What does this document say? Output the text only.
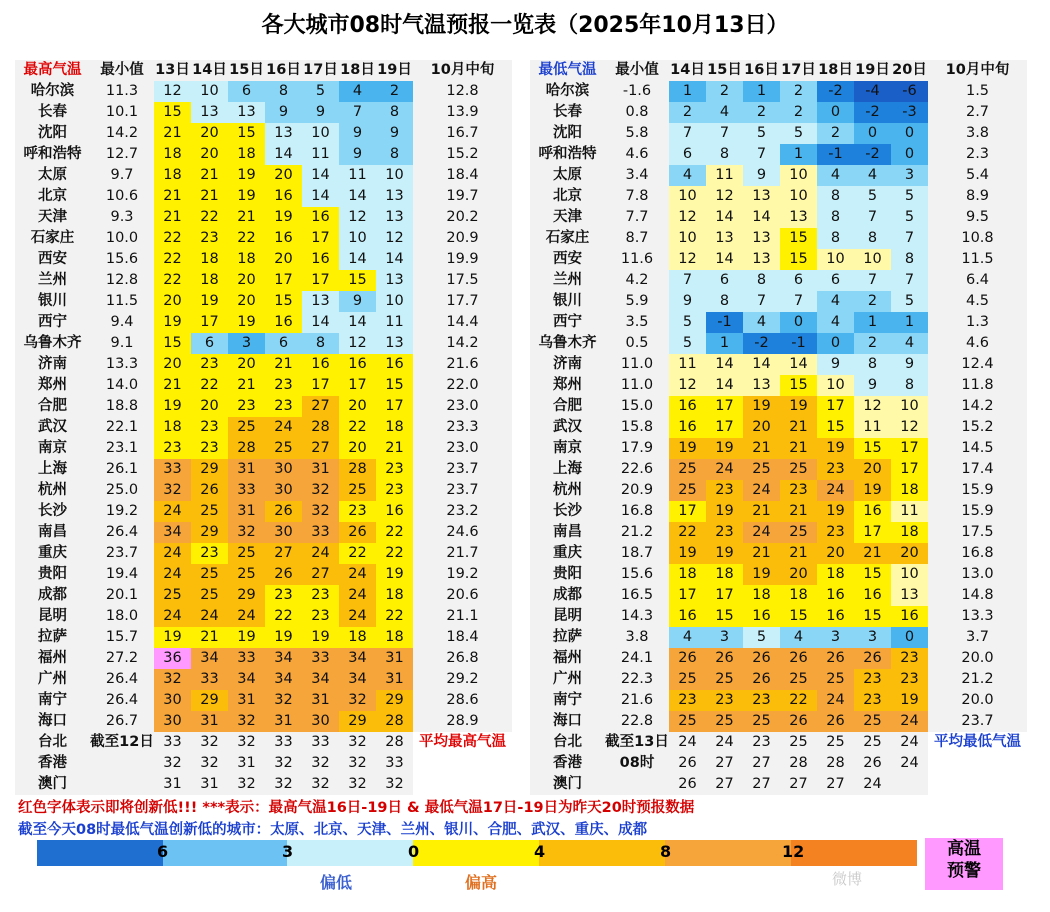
各大城市08时气温预报一览表（2025年10月13日）
最高气温	最小值	13日	14日	15日	16日	17日	18日	19日	10月中旬
哈尔滨	11.3	12	10	6	8	5	4	2	12.8
长春	10.1	15	13	13	9	9	7	8	13.9
沈阳	14.2	21	20	15	13	10	9	9	16.7
呼和浩特	12.7	18	20	18	14	11	9	8	15.2
太原	9.7	18	21	19	20	14	11	10	18.4
北京	10.6	21	21	19	16	14	14	13	19.7
天津	9.3	21	22	21	19	16	12	13	20.2
石家庄	10.0	22	23	22	16	17	10	12	20.9
西安	15.6	22	18	18	20	16	14	14	19.9
兰州	12.8	22	18	20	17	17	15	13	17.5
银川	11.5	20	19	20	15	13	9	10	17.7
西宁	9.4	19	17	19	16	14	14	11	14.4
乌鲁木齐	9.1	15	6	3	6	8	12	13	14.2
济南	13.3	20	23	20	21	16	16	16	21.6
郑州	14.0	21	22	21	23	17	17	15	22.0
合肥	18.8	19	20	23	23	27	20	17	23.0
武汉	22.1	18	23	25	24	28	22	18	23.3
南京	23.1	23	23	28	25	27	20	21	23.0
上海	26.1	33	29	31	30	31	28	23	23.7
杭州	25.0	32	26	33	30	32	25	23	23.7
长沙	19.2	24	25	31	26	32	23	16	23.2
南昌	26.4	34	29	32	30	33	26	22	24.6
重庆	23.7	24	23	25	27	24	22	22	21.7
贵阳	19.4	24	25	25	26	27	24	19	19.2
成都	20.1	25	25	29	23	23	24	18	20.6
昆明	18.0	24	24	24	22	23	24	22	21.1
拉萨	15.7	19	21	19	19	19	18	18	18.4
福州	27.2	36	34	33	34	33	34	31	26.8
广州	26.4	32	33	34	34	34	34	31	29.2
南宁	26.4	30	29	31	32	31	32	29	28.6
海口	26.7	30	31	32	31	30	29	28	28.9
台北	截至12日	33	32	32	33	33	32	28	平均最高气温
香港		32	32	31	32	32	32	33	
澳门		31	31	32	32	32	32	32	
最低气温	最小值	14日	15日	16日	17日	18日	19日	20日	10月中旬
哈尔滨	-1.6	1	2	1	2	-2	-4	-6	1.5
长春	0.8	2	4	2	2	0	-2	-3	2.7
沈阳	5.8	7	7	5	5	2	0	0	3.8
呼和浩特	4.6	6	8	7	1	-1	-2	0	2.3
太原	3.4	4	11	9	10	4	4	3	5.4
北京	7.8	10	12	13	10	8	5	5	8.9
天津	7.7	12	14	14	13	8	7	5	9.5
石家庄	8.7	10	13	13	15	8	8	7	10.8
西安	11.6	12	14	13	15	10	10	8	11.5
兰州	4.2	7	6	8	6	6	7	7	6.4
银川	5.9	9	8	7	7	4	2	5	4.5
西宁	3.5	5	-1	4	0	4	1	1	1.3
乌鲁木齐	0.5	5	1	-2	-1	0	2	4	4.6
济南	11.0	11	14	14	14	9	8	9	12.4
郑州	11.0	12	14	13	15	10	9	8	11.8
合肥	15.0	16	17	19	19	17	12	10	14.2
武汉	15.8	16	17	20	21	15	11	12	15.2
南京	17.9	19	19	21	21	19	15	17	14.5
上海	22.6	25	24	25	25	23	20	17	17.4
杭州	20.9	25	23	24	23	24	19	18	15.9
长沙	16.8	17	19	21	21	19	16	11	15.9
南昌	21.2	22	23	24	25	23	17	18	17.5
重庆	18.7	19	19	21	21	20	21	20	16.8
贵阳	15.6	18	18	19	20	18	15	10	13.0
成都	16.5	17	17	18	18	16	16	13	14.8
昆明	14.3	16	15	16	15	16	15	16	13.3
拉萨	3.8	4	3	5	4	3	3	0	3.7
福州	24.1	26	26	26	26	26	26	23	20.0
广州	22.3	25	25	26	25	25	23	23	21.2
南宁	21.6	23	23	23	22	24	23	19	20.0
海口	22.8	25	25	25	26	26	25	24	23.7
台北	截至13日	24	24	23	25	25	25	24	平均最低气温
香港	08时	26	27	27	28	28	26	24	
澳门		26	27	27	27	27	24		
红色字体表示即将创新低!!! ***表示：最高气温16日-19日 & 最低气温17日-19日为昨天20时预报数据
截至今天08时最低气温创新低的城市：太原、北京、天津、兰州、银川、合肥、武汉、重庆、成都
6	3	0	4	8	12
偏低	偏高
高温
预警
微博
